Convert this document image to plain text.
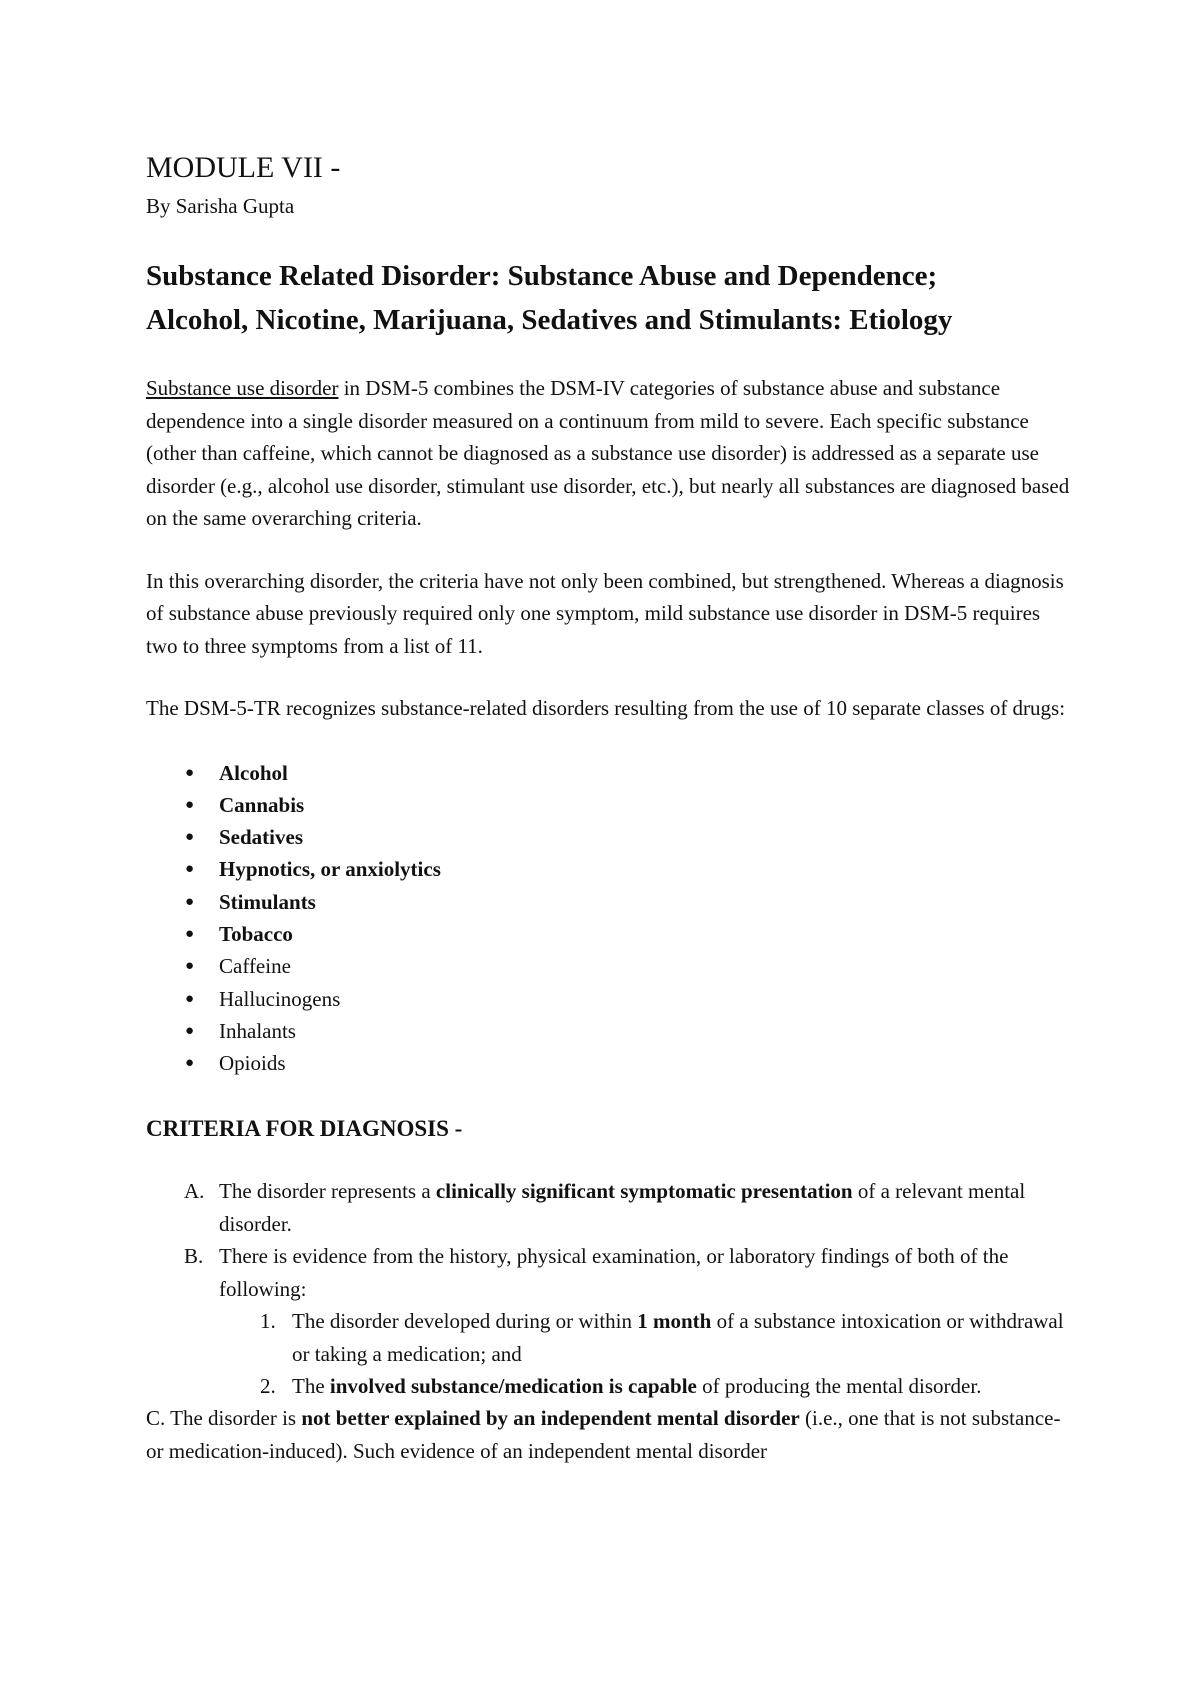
MODULE VII -

By Sarisha Gupta

Substance Related Disorder: Substance Abuse and Dependence;
Alcohol, Nicotine, Marijuana, Sedatives and Stimulants: Etiology

Substance use disorder in DSM-5 combines the DSM-IV categories of substance abuse and substance dependence into a single disorder measured on a continuum from mild to severe. Each specific substance (other than caffeine, which cannot be diagnosed as a substance use disorder) is addressed as a separate use disorder (e.g., alcohol use disorder, stimulant use disorder, etc.), but nearly all substances are diagnosed based on the same overarching criteria.

In this overarching disorder, the criteria have not only been combined, but strengthened. Whereas a diagnosis of substance abuse previously required only one symptom, mild substance use disorder in DSM-5 requires two to three symptoms from a list of 11.

The DSM-5-TR recognizes substance-related disorders resulting from the use of 10 separate classes of drugs:

● Alcohol
● Cannabis
● Sedatives
● Hypnotics, or anxiolytics
● Stimulants
● Tobacco
● Caffeine
● Hallucinogens
● Inhalants
● Opioids
CRITERIA FOR DIAGNOSIS -
A. The disorder represents a clinically significant symptomatic presentation of a relevant mental disorder.
B. There is evidence from the history, physical examination, or laboratory findings of both of the following:
1. The disorder developed during or within 1 month of a substance intoxication or withdrawal or taking a medication; and
2. The involved substance/medication is capable of producing the mental disorder.

C. The disorder is not better explained by an independent mental disorder (i.e., one that is not substance- or medication-induced). Such evidence of an independent mental disorder
